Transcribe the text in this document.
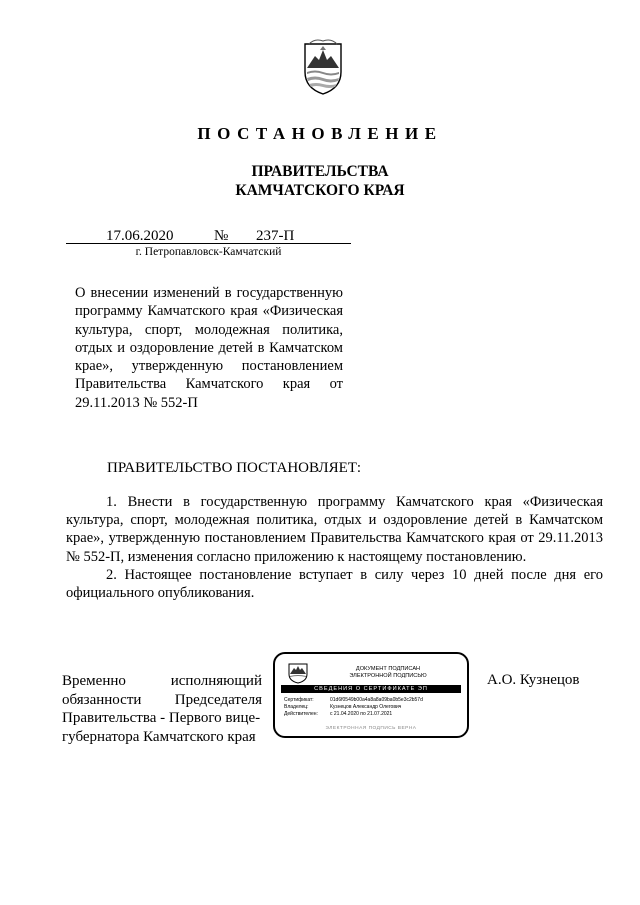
ПОСТАНОВЛЕНИЕ
ПРАВИТЕЛЬСТВА
КАМЧАТСКОГО КРАЯ
17.06.2020	№ 237-П
г. Петропавловск-Камчатский
О внесении изменений в государственную программу Камчатского края «Физическая культура, спорт, молодежная политика, отдых и оздоровление детей в Камчатском крае», утвержденную постановлением Правительства Камчатского края от 29.11.2013 № 552-П
ПРАВИТЕЛЬСТВО ПОСТАНОВЛЯЕТ:

1. Внести в государственную программу Камчатского края «Физическая культура, спорт, молодежная политика, отдых и оздоровление детей в Камчатском крае», утвержденную постановлением Правительства Камчатского края от 29.11.2013 № 552-П, изменения согласно приложению к настоящему постановлению.

2. Настоящее постановление вступает в силу через 10 дней после дня его официального опубликования.

Временно	исполняющий
обязанности Председателя
Правительства - Первого вице-
губернатора Камчатского края
ДОКУМЕНТ ПОДПИСАН
ЭЛЕКТРОННОЙ ПОДПИСЬЮ
СВЕДЕНИЯ О СЕРТИФИКАТЕ ЭП
Сертификат:	01d6f0549b00a4a8a8a09ba0b5e3c2b57d
Владелец:	Кузнецов Александр Олегович
Действителен:	с 21.04.2020 по 21.07.2021
ЭЛЕКТРОННАЯ ПОДПИСЬ ВЕРНА
А.О. Кузнецов
